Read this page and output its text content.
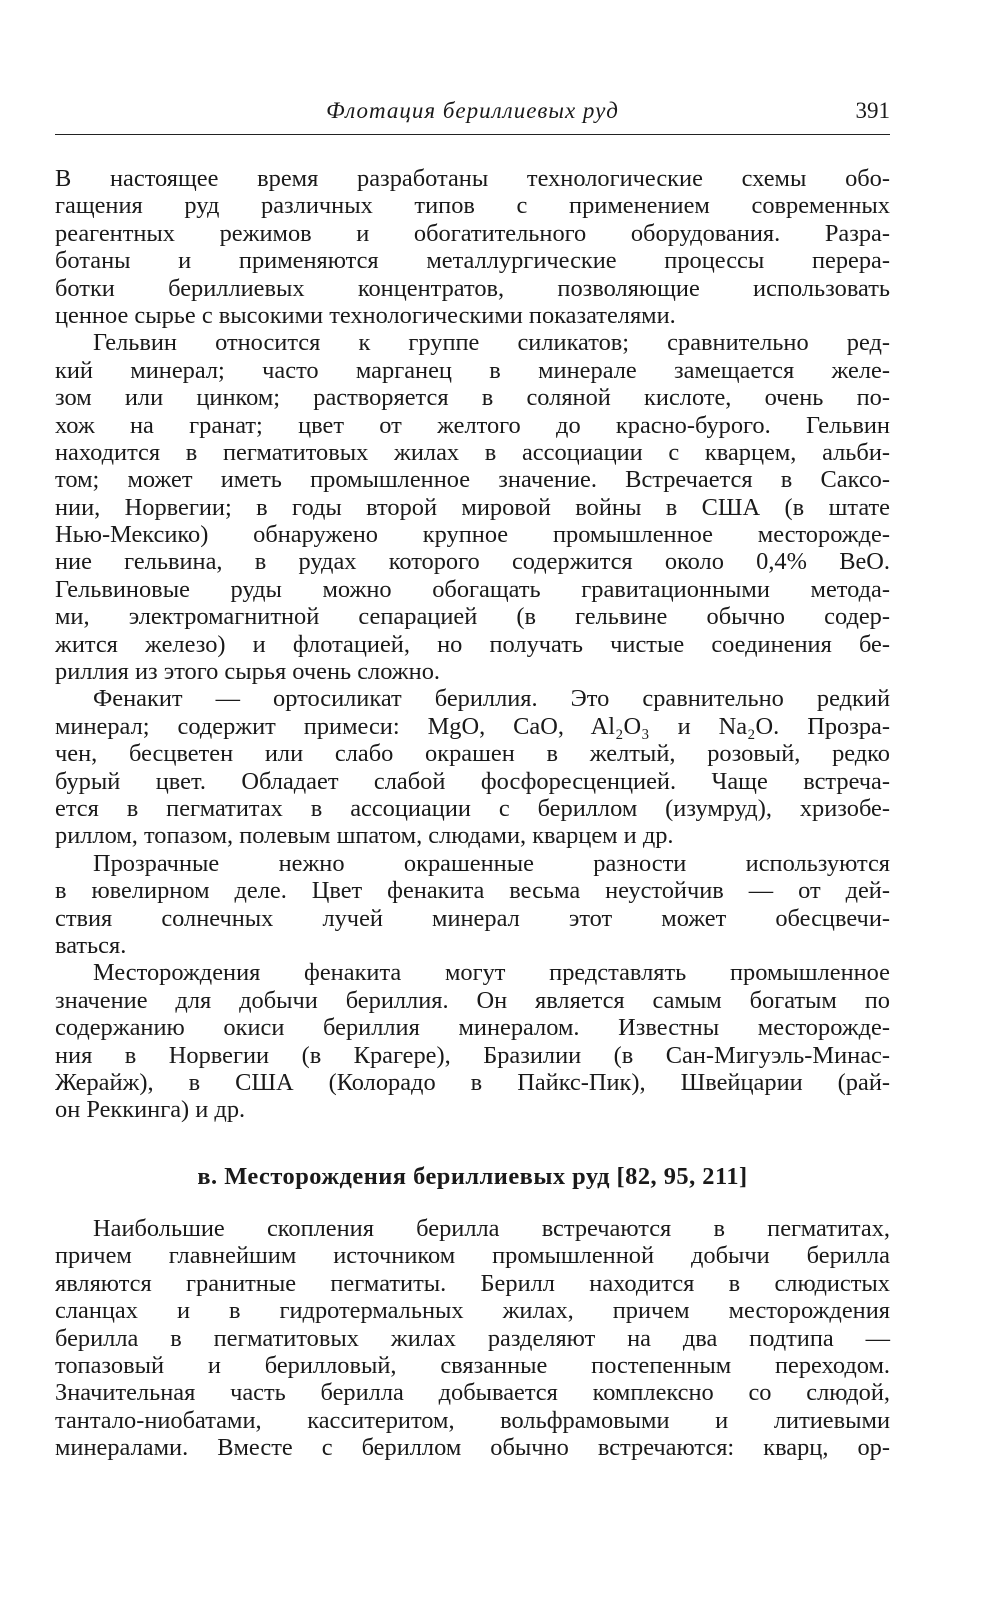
Флотация бериллиевых руд	391
В настоящее время разработаны технологические схемы обо-
гащения руд различных типов с применением современных
реагентных режимов и обогатительного оборудования. Разра-
ботаны и применяются металлургические процессы перера-
ботки бериллиевых концентратов, позволяющие использовать
ценное сырье с высокими технологическими показателями.
Гельвин относится к группе силикатов; сравнительно ред-
кий минерал; часто марганец в минерале замещается желе-
зом или цинком; растворяется в соляной кислоте, очень по-
хож на гранат; цвет от желтого до красно-бурого. Гельвин
находится в пегматитовых жилах в ассоциации с кварцем, альби-
том; может иметь промышленное значение. Встречается в Саксо-
нии, Норвегии; в годы второй мировой войны в США (в штате
Нью-Мексико) обнаружено крупное промышленное месторожде-
ние гельвина, в рудах которого содержится около 0,4% BeO.
Гельвиновые руды можно обогащать гравитационными метода-
ми, электромагнитной сепарацией (в гельвине обычно содер-
жится железо) и флотацией, но получать чистые соединения бе-
риллия из этого сырья очень сложно.
Фенакит — ортосиликат бериллия. Это сравнительно редкий
минерал; содержит примеси: MgO, CaO, Al₂O₃ и Na₂O. Прозра-
чен, бесцветен или слабо окрашен в желтый, розовый, редко
бурый цвет. Обладает слабой фосфоресценцией. Чаще встреча-
ется в пегматитах в ассоциации с бериллом (изумруд), хризобе-
риллом, топазом, полевым шпатом, слюдами, кварцем и др.
Прозрачные нежно окрашенные разности используются
в ювелирном деле. Цвет фенакита весьма неустойчив — от дей-
ствия солнечных лучей минерал этот может обесцвечи-
ваться.
Месторождения фенакита могут представлять промышленное
значение для добычи бериллия. Он является самым богатым по
содержанию окиси бериллия минералом. Известны месторожде-
ния в Норвегии (в Крагере), Бразилии (в Сан-Мигуэль-Минас-
Жерайж), в США (Колорадо в Пайкс-Пик), Швейцарии (рай-
он Реккинга) и др.
в. Месторождения бериллиевых руд [82, 95, 211]
Наибольшие скопления берилла встречаются в пегматитах,
причем главнейшим источником промышленной добычи берилла
являются гранитные пегматиты. Берилл находится в слюдистых
сланцах и в гидротермальных жилах, причем месторождения
берилла в пегматитовых жилах разделяют на два подтипа —
топазовый и берилловый, связанные постепенным переходом.
Значительная часть берилла добывается комплексно со слюдой,
тантало-ниобатами, касситеритом, вольфрамовыми и литиевыми
минералами. Вместе с бериллом обычно встречаются: кварц, ор-
